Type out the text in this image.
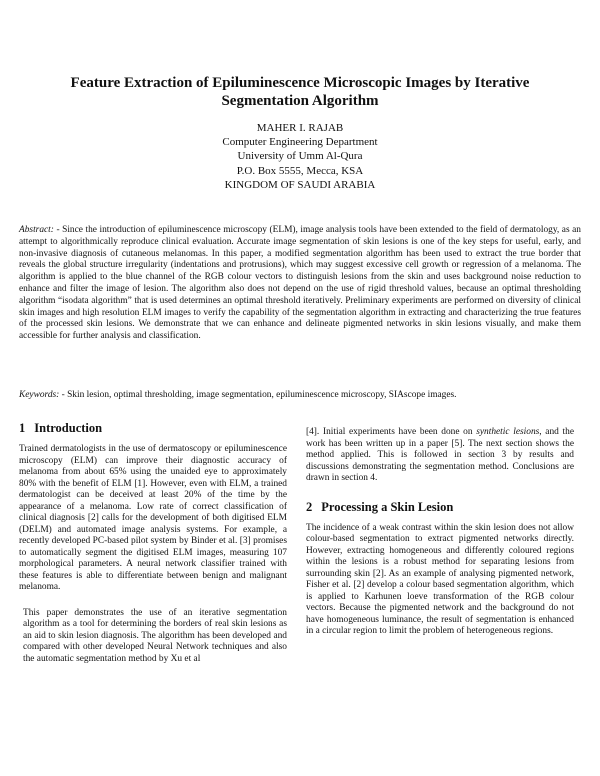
Feature Extraction of Epiluminescence Microscopic Images by Iterative
Segmentation Algorithm
MAHER I. RAJAB
Computer Engineering Department
University of Umm Al-Qura
P.O. Box 5555, Mecca, KSA
KINGDOM OF SAUDI ARABIA
Abstract: - Since the introduction of epiluminescence microscopy (ELM), image analysis tools have been extended to the field of dermatology, as an attempt to algorithmically reproduce clinical evaluation. Accurate image segmentation of skin lesions is one of the key steps for useful, early, and non-invasive diagnosis of cutaneous melanomas. In this paper, a modified segmentation algorithm has been used to extract the true border that reveals the global structure irregularity (indentations and protrusions), which may suggest excessive cell growth or regression of a melanoma. The algorithm is applied to the blue channel of the RGB colour vectors to distinguish lesions from the skin and uses background noise reduction to enhance and filter the image of lesion. The algorithm also does not depend on the use of rigid threshold values, because an optimal thresholding algorithm “isodata algorithm” that is used determines an optimal threshold iteratively. Preliminary experiments are performed on diversity of clinical skin images and high resolution ELM images to verify the capability of the segmentation algorithm in extracting and characterizing the true features of the processed skin lesions. We demonstrate that we can enhance and delineate pigmented networks in skin lesions visually, and make them accessible for further analysis and classification.
Keywords: - Skin lesion, optimal thresholding, image segmentation, epiluminescence microscopy, SIAscope images.
1 Introduction

Trained dermatologists in the use of dermatoscopy or epiluminescence microscopy (ELM) can improve their diagnostic accuracy of melanoma from about 65% using the unaided eye to approximately 80% with the benefit of ELM [1]. However, even with ELM, a trained dermatologist can be deceived at least 20% of the time by the appearance of a melanoma. Low rate of correct classification of clinical diagnosis [2] calls for the development of both digitised ELM (DELM) and automated image analysis systems. For example, a recently developed PC-based pilot system by Binder et al. [3] promises to automatically segment the digitised ELM images, measuring 107 morphological parameters. A neural network classifier trained with these features is able to differentiate between benign and malignant melanoma.

This paper demonstrates the use of an iterative segmentation algorithm as a tool for determining the borders of real skin lesions as an aid to skin lesion diagnosis. The algorithm has been developed and compared with other developed Neural Network techniques and also the automatic segmentation method by Xu et al

[4]. Initial experiments have been done on synthetic lesions, and the work has been written up in a paper [5]. The next section shows the method applied. This is followed in section 3 by results and discussions demonstrating the segmentation method. Conclusions are drawn in section 4.

2 Processing a Skin Lesion

The incidence of a weak contrast within the skin lesion does not allow colour-based segmentation to extract pigmented networks directly. However, extracting homogeneous and differently coloured regions within the lesions is a robust method for separating lesions from surrounding skin [2]. As an example of analysing pigmented network, Fisher et al. [2] develop a colour based segmentation algorithm, which is applied to Karhunen loeve transformation of the RGB colour vectors. Because the pigmented network and the background do not have homogeneous luminance, the result of segmentation is enhanced in a circular region to limit the problem of heterogeneous regions.
